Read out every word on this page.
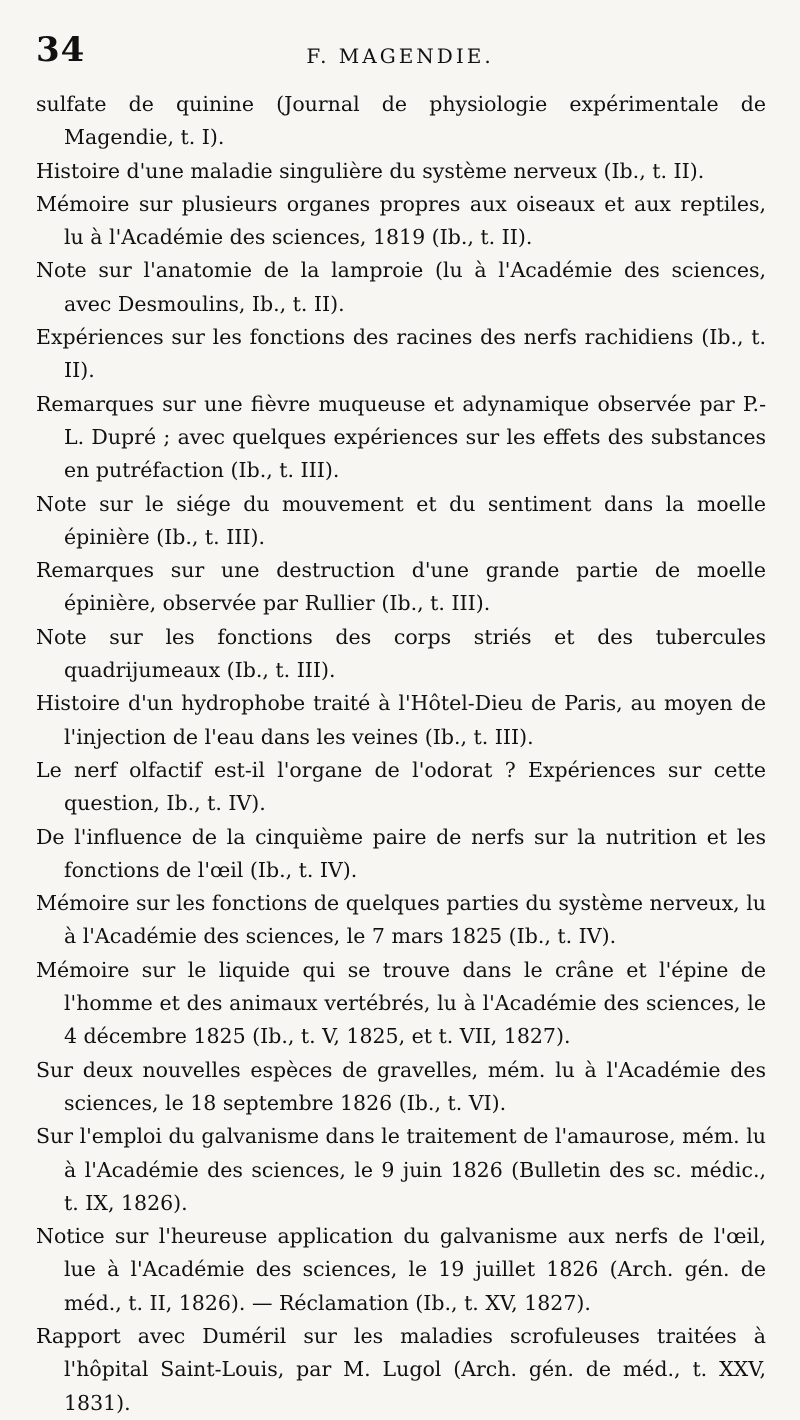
34	F. MAGENDIE.
sulfate de quinine (Journal de physiologie expérimentale de Magendie, t. I).
Histoire d'une maladie singulière du système nerveux (Ib., t. II).
Mémoire sur plusieurs organes propres aux oiseaux et aux reptiles, lu à l'Académie des sciences, 1819 (Ib., t. II).
Note sur l'anatomie de la lamproie (lu à l'Académie des sciences, avec Desmoulins, Ib., t. II).
Expériences sur les fonctions des racines des nerfs rachidiens (Ib., t. II).
Remarques sur une fièvre muqueuse et adynamique observée par P.-L. Dupré ; avec quelques expériences sur les effets des substances en putréfaction (Ib., t. III).
Note sur le siége du mouvement et du sentiment dans la moelle épinière (Ib., t. III).
Remarques sur une destruction d'une grande partie de moelle épinière, observée par Rullier (Ib., t. III).
Note sur les fonctions des corps striés et des tubercules quadrijumeaux (Ib., t. III).
Histoire d'un hydrophobe traité à l'Hôtel-Dieu de Paris, au moyen de l'injection de l'eau dans les veines (Ib., t. III).
Le nerf olfactif est-il l'organe de l'odorat ? Expériences sur cette question, Ib., t. IV).
De l'influence de la cinquième paire de nerfs sur la nutrition et les fonctions de l'œil (Ib., t. IV).
Mémoire sur les fonctions de quelques parties du système nerveux, lu à l'Académie des sciences, le 7 mars 1825 (Ib., t. IV).
Mémoire sur le liquide qui se trouve dans le crâne et l'épine de l'homme et des animaux vertébrés, lu à l'Académie des sciences, le 4 décembre 1825 (Ib., t. V, 1825, et t. VII, 1827).
Sur deux nouvelles espèces de gravelles, mém. lu à l'Académie des sciences, le 18 septembre 1826 (Ib., t. VI).
Sur l'emploi du galvanisme dans le traitement de l'amaurose, mém. lu à l'Académie des sciences, le 9 juin 1826 (Bulletin des sc. médic., t. IX, 1826).
Notice sur l'heureuse application du galvanisme aux nerfs de l'œil, lue à l'Académie des sciences, le 19 juillet 1826 (Arch. gén. de méd., t. II, 1826). — Réclamation (Ib., t. XV, 1827).
Rapport avec Duméril sur les maladies scrofuleuses traitées à l'hôpital Saint-Louis, par M. Lugol (Arch. gén. de méd., t. XXV, 1831).
